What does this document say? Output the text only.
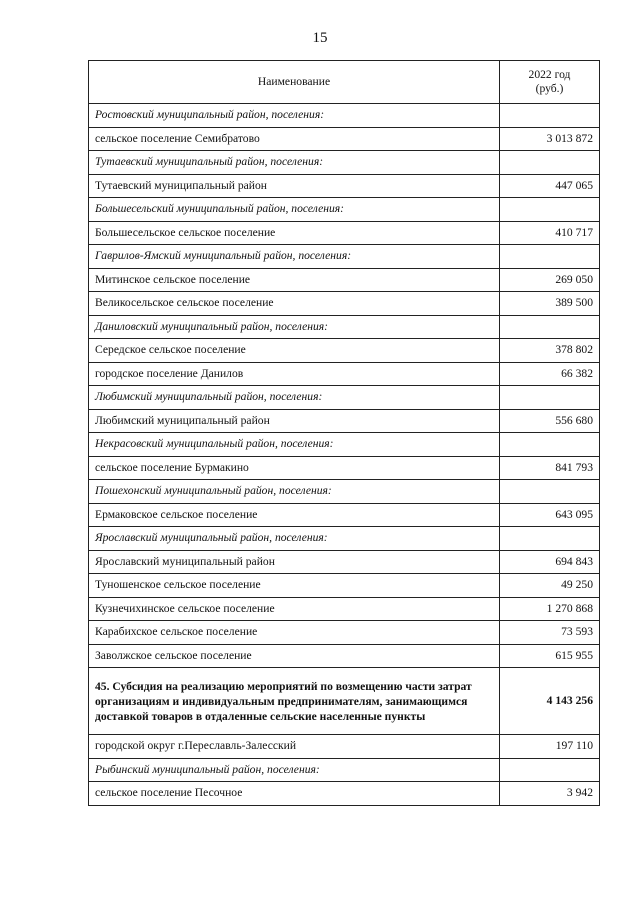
15
Наименование	2022 год
(руб.)
Ростовский муниципальный район, поселения:	
сельское поселение Семибратово	3 013 872
Тутаевский муниципальный район, поселения:	
Тутаевский муниципальный район	447 065
Большесельский муниципальный район, поселения:	
Большесельское сельское поселение	410 717
Гаврилов-Ямский муниципальный район, поселения:	
Митинское сельское поселение	269 050
Великосельское сельское поселение	389 500
Даниловский муниципальный район, поселения:	
Середское сельское поселение	378 802
городское поселение Данилов	66 382
Любимский муниципальный район, поселения:	
Любимский муниципальный район	556 680
Некрасовский муниципальный район, поселения:	
сельское поселение Бурмакино	841 793
Пошехонский муниципальный район, поселения:	
Ермаковское сельское поселение	643 095
Ярославский муниципальный район, поселения:	
Ярославский муниципальный район	694 843
Туношенское сельское поселение	49 250
Кузнечихинское сельское поселение	1 270 868
Карабихское сельское поселение	73 593
Заволжское сельское поселение	615 955
45. Субсидия на реализацию мероприятий по возмещению части затрат организациям и индивидуальным предпринимателям, занимающимся доставкой товаров в отдаленные сельские населенные пункты	4 143 256
городской округ г.Переславль-Залесский	197 110
Рыбинский муниципальный район, поселения:	
сельское поселение Песочное	3 942
